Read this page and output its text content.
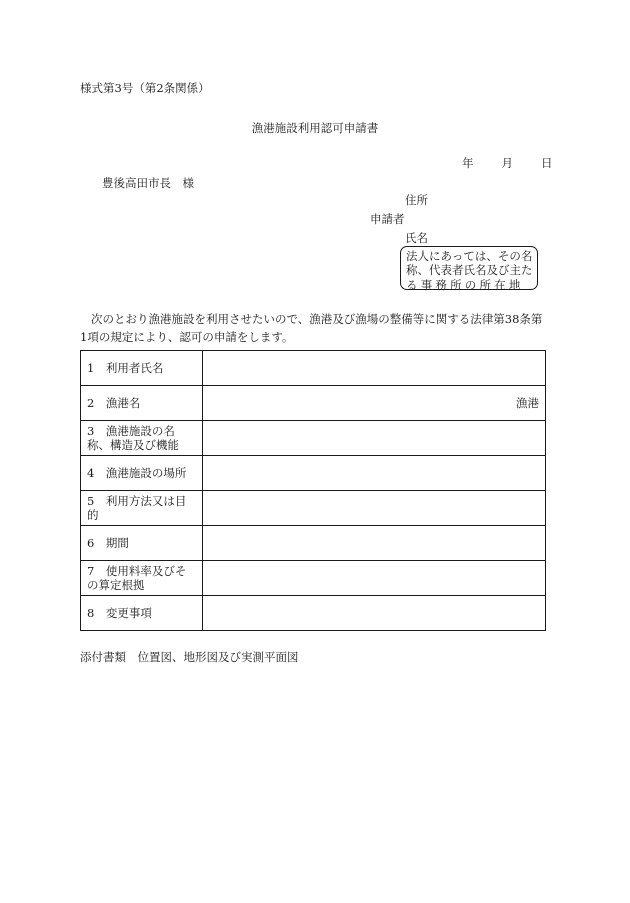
様式第3号（第2条関係）
漁港施設利用認可申請書
年 月 日
豊後高田市長　様
住所
申請者
氏名
法人にあっては、その名
称、代表者氏名及び主た
る事務所の所在地
次のとおり漁港施設を利用させたいので、漁港及び漁場の整備等に関する法律第38条第1項の規定により、認可の申請をします。
1　利用者氏名	
2　漁港名	漁港
3　漁港施設の名称、構造及び機能	
4　漁港施設の場所	
5　利用方法又は目的	
6　期間	
7　使用料率及びその算定根拠	
8　変更事項	
添付書類　位置図、地形図及び実測平面図
